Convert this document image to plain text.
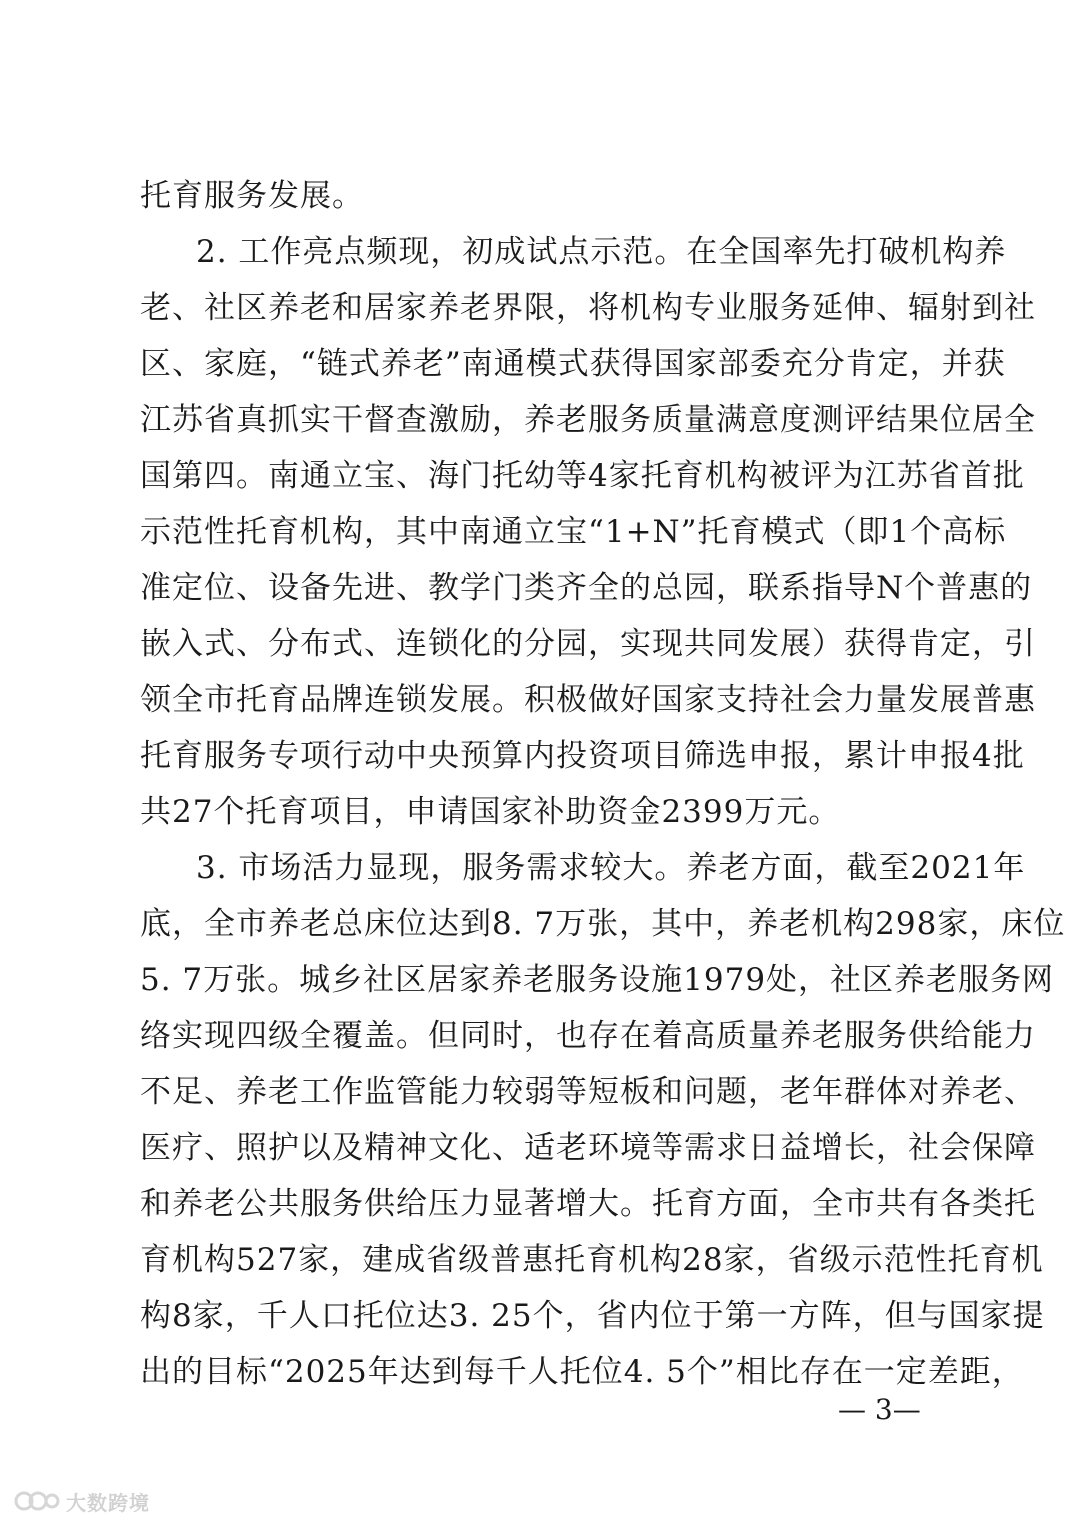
托育服务发展。
2. 工作亮点频现，初成试点示范。在全国率先打破机构养
老、社区养老和居家养老界限，将机构专业服务延伸、辐射到社
区、家庭，“链式养老”南通模式获得国家部委充分肯定，并获
江苏省真抓实干督查激励，养老服务质量满意度测评结果位居全
国第四。南通立宝、海门托幼等4家托育机构被评为江苏省首批
示范性托育机构，其中南通立宝“1+N”托育模式（即1个高标
准定位、设备先进、教学门类齐全的总园，联系指导N个普惠的
嵌入式、分布式、连锁化的分园，实现共同发展）获得肯定，引
领全市托育品牌连锁发展。积极做好国家支持社会力量发展普惠
托育服务专项行动中央预算内投资项目筛选申报，累计申报4批
共27个托育项目，申请国家补助资金2399万元。
3. 市场活力显现，服务需求较大。养老方面，截至2021年
底，全市养老总床位达到8. 7万张，其中，养老机构298家，床位
5. 7万张。城乡社区居家养老服务设施1979处，社区养老服务网
络实现四级全覆盖。但同时，也存在着高质量养老服务供给能力
不足、养老工作监管能力较弱等短板和问题，老年群体对养老、
医疗、照护以及精神文化、适老环境等需求日益增长，社会保障
和养老公共服务供给压力显著增大。托育方面，全市共有各类托
育机构527家，建成省级普惠托育机构28家，省级示范性托育机
构8家，千人口托位达3. 25个，省内位于第一方阵，但与国家提
出的目标“2025年达到每千人托位4. 5个”相比存在一定差距，
— 3—
大数跨境
